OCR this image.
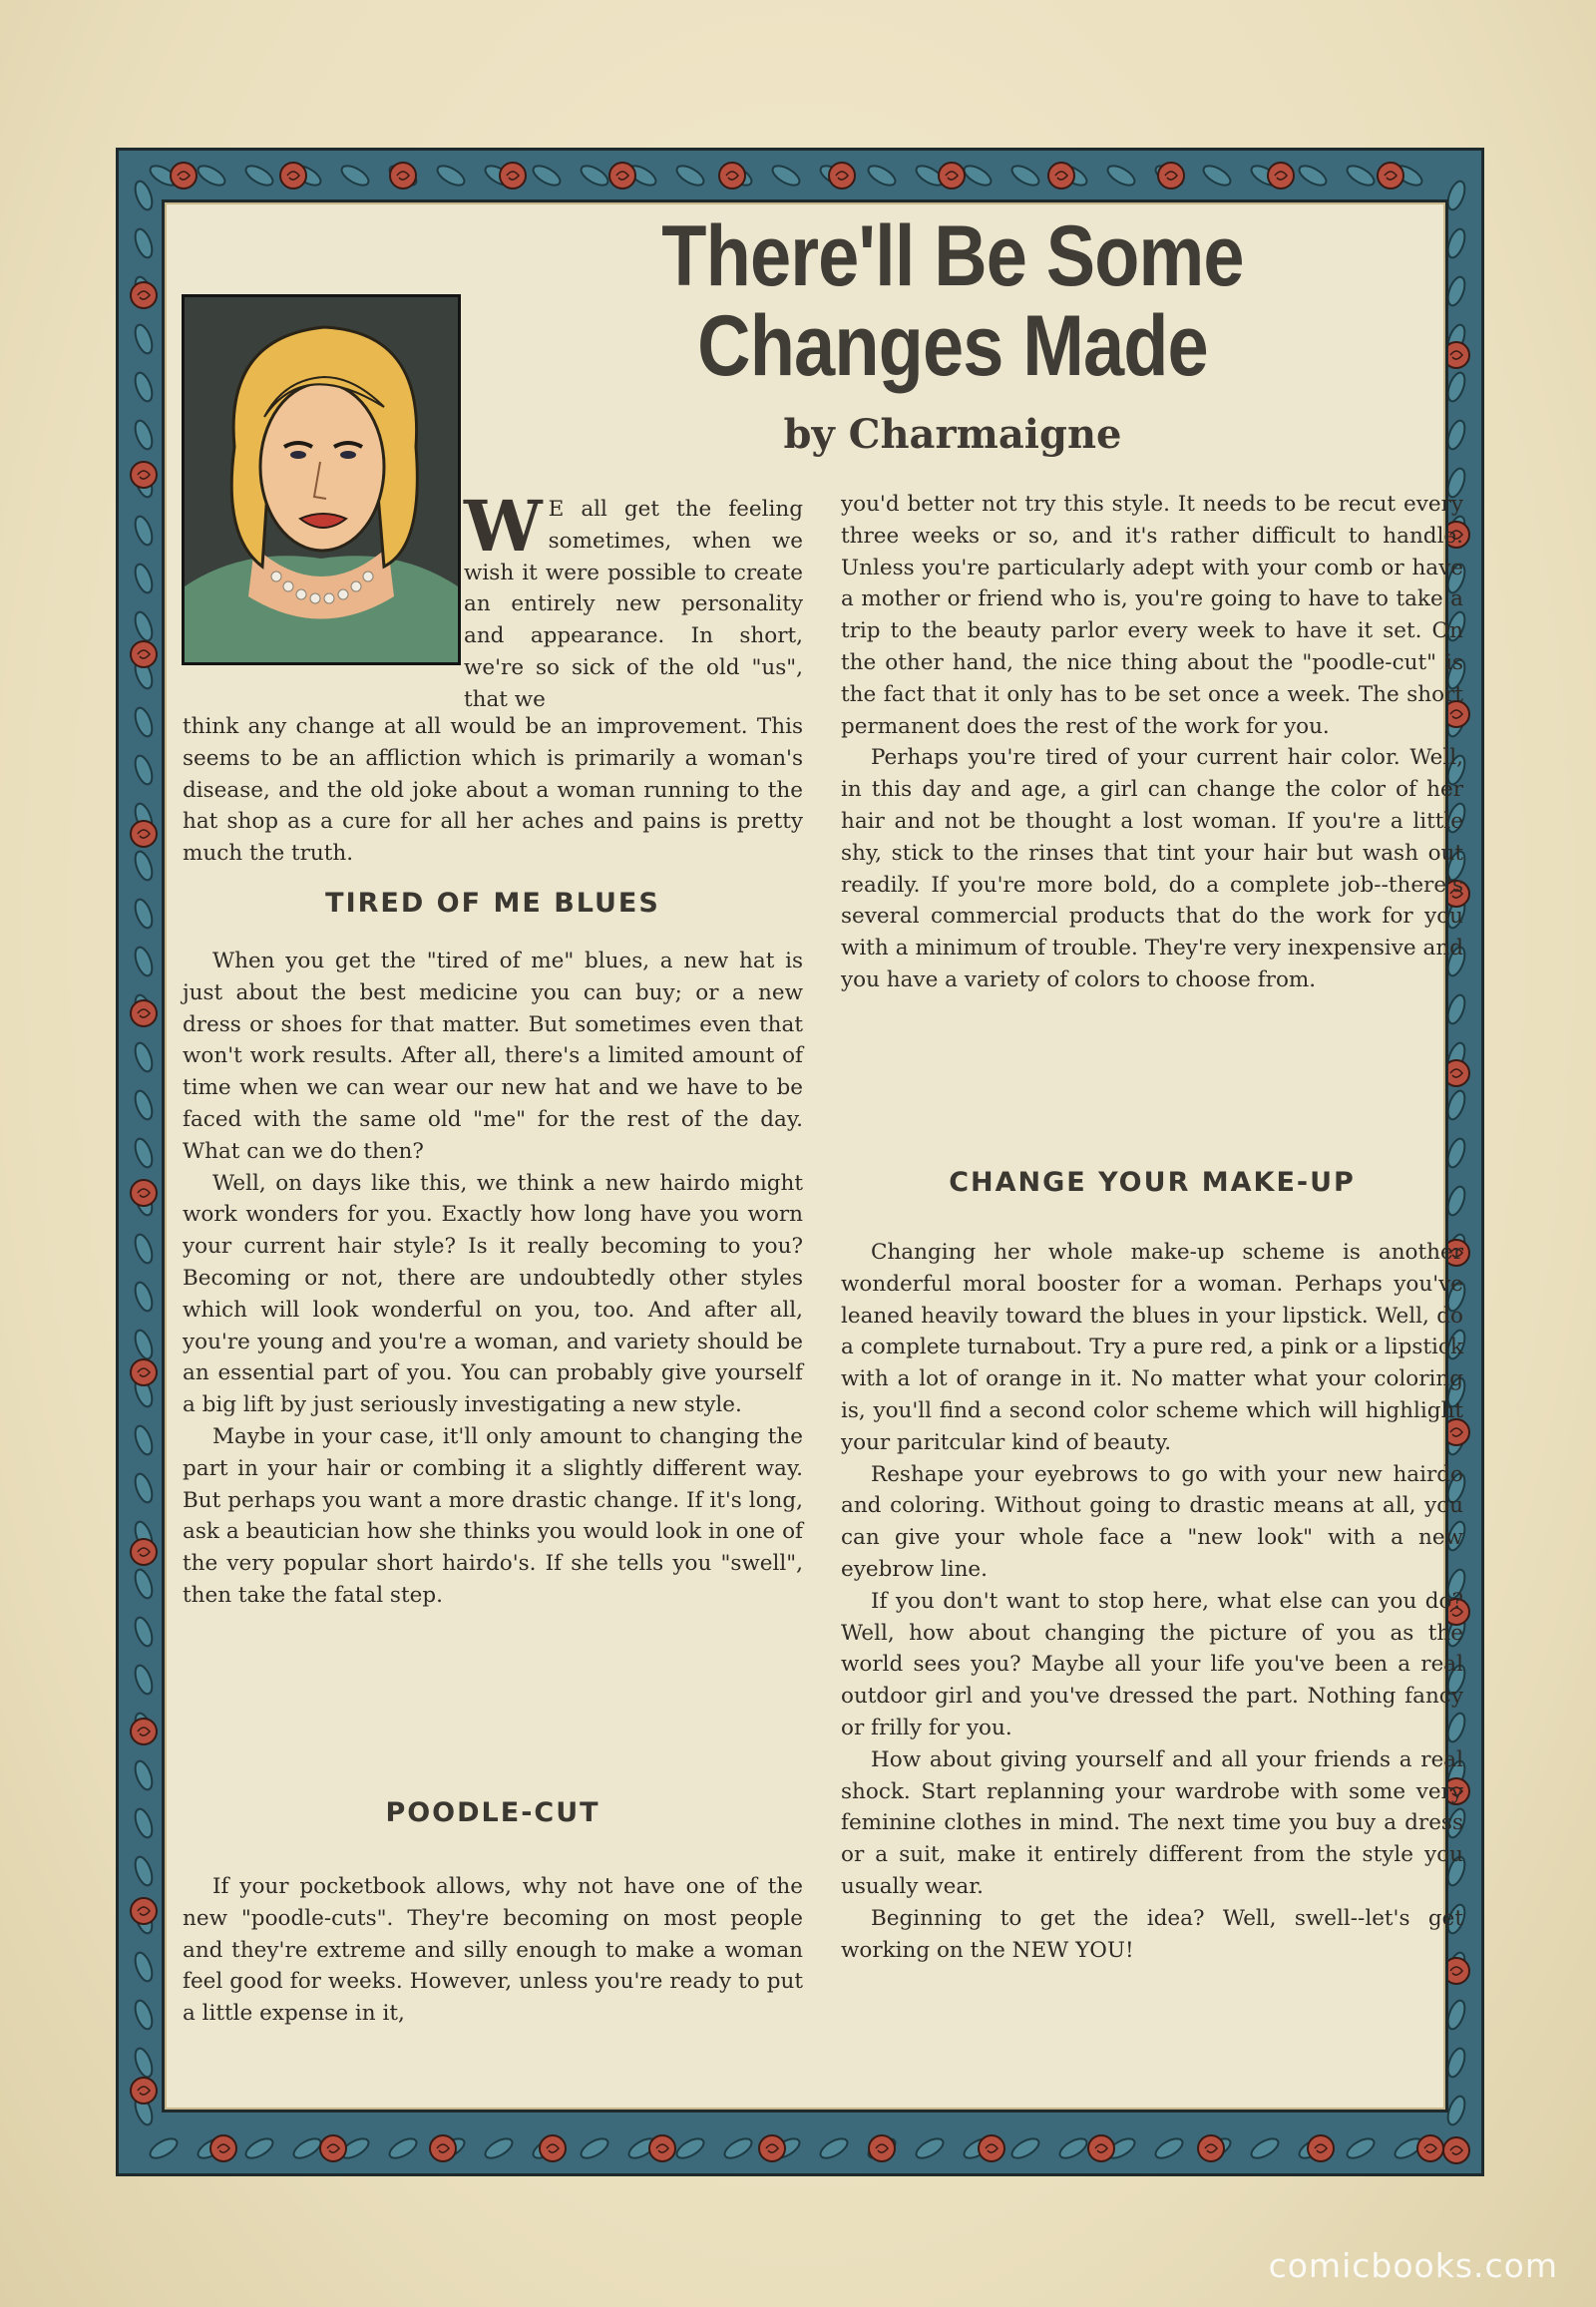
There'll Be Some
Changes Made
by Charmaigne
W E all get the feeling sometimes, when we wish it were possible to create an entirely new personality and appearance. In short, we're so sick of the old "us", that we

think any change at all would be an improvement. This seems to be an affliction which is primarily a woman's disease, and the old joke about a woman running to the hat shop as a cure for all her aches and pains is pretty much the truth.

TIRED OF ME BLUES

When you get the "tired of me" blues, a new hat is just about the best medicine you can buy; or a new dress or shoes for that matter. But sometimes even that won't work results. After all, there's a limited amount of time when we can wear our new hat and we have to be faced with the same old "me" for the rest of the day. What can we do then?

Well, on days like this, we think a new hairdo might work wonders for you. Exactly how long have you worn your current hair style? Is it really becoming to you? Becoming or not, there are undoubtedly other styles which will look wonderful on you, too. And after all, you're young and you're a woman, and variety should be an essential part of you. You can probably give yourself a big lift by just seriously investigating a new style.

Maybe in your case, it'll only amount to changing the part in your hair or combing it a slightly different way. But perhaps you want a more drastic change. If it's long, ask a beautician how she thinks you would look in one of the very popular short hairdo's. If she tells you "swell", then take the fatal step.

POODLE-CUT

If your pocketbook allows, why not have one of the new "poodle-cuts". They're becoming on most people and they're extreme and silly enough to make a woman feel good for weeks. However, unless you're ready to put a little expense in it,

you'd better not try this style. It needs to be recut every three weeks or so, and it's rather difficult to handle. Unless you're particularly adept with your comb or have a mother or friend who is, you're going to have to take a trip to the beauty parlor every week to have it set. On the other hand, the nice thing about the "poodle-cut" is the fact that it only has to be set once a week. The short permanent does the rest of the work for you.

Perhaps you're tired of your current hair color. Well, in this day and age, a girl can change the color of her hair and not be thought a lost woman. If you're a little shy, stick to the rinses that tint your hair but wash out readily. If you're more bold, do a complete job--there's several commercial products that do the work for you with a minimum of trouble. They're very inexpensive and you have a variety of colors to choose from.

CHANGE YOUR MAKE-UP

Changing her whole make-up scheme is another wonderful moral booster for a woman. Perhaps you've leaned heavily toward the blues in your lipstick. Well, do a complete turnabout. Try a pure red, a pink or a lipstick with a lot of orange in it. No matter what your coloring is, you'll find a second color scheme which will highlight your paritcular kind of beauty.

Reshape your eyebrows to go with your new hairdo and coloring. Without going to drastic means at all, you can give your whole face a "new look" with a new eyebrow line.

If you don't want to stop here, what else can you do? Well, how about changing the picture of you as the world sees you? Maybe all your life you've been a real outdoor girl and you've dressed the part. Nothing fancy or frilly for you.

How about giving yourself and all your friends a real shock. Start replanning your wardrobe with some very feminine clothes in mind. The next time you buy a dress or a suit, make it entirely different from the style you usually wear.

Beginning to get the idea? Well, swell--let's get working on the NEW YOU!

comicbooks.com
